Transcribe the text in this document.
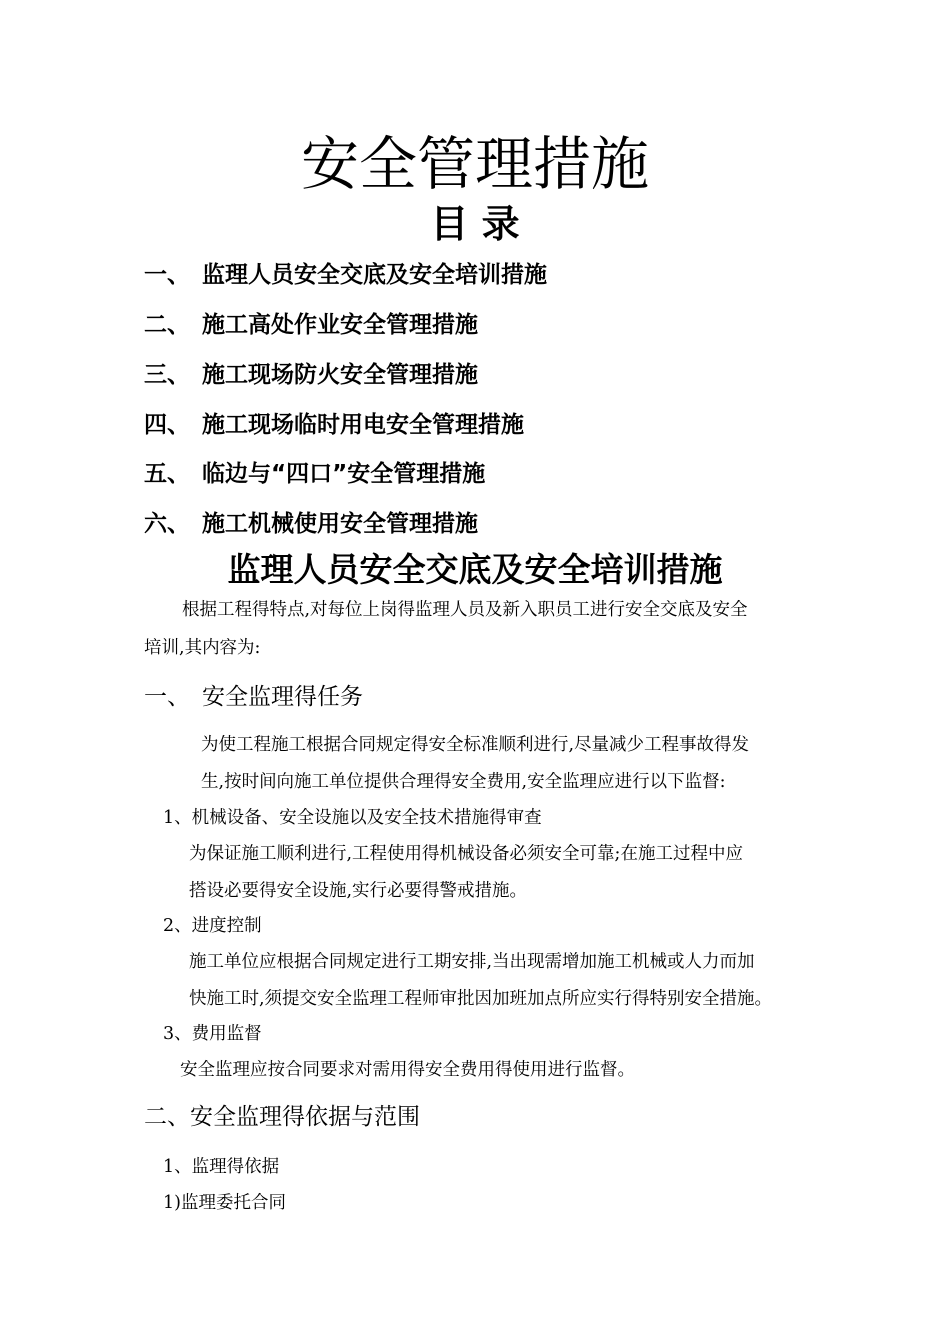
安全管理措施
目 录
一、 监理人员安全交底及安全培训措施
二、 施工高处作业安全管理措施
三、 施工现场防火安全管理措施
四、 施工现场临时用电安全管理措施
五、 临边与“四口”安全管理措施
六、 施工机械使用安全管理措施
监理人员安全交底及安全培训措施

根据工程得特点,对每位上岗得监理人员及新入职员工进行安全交底及安全

培训,其内容为:

一、 安全监理得任务

为使工程施工根据合同规定得安全标准顺利进行,尽量减少工程事故得发

生,按时间向施工单位提供合理得安全费用,安全监理应进行以下监督:

1、机械设备、安全设施以及安全技术措施得审查

为保证施工顺利进行,工程使用得机械设备必须安全可靠;在施工过程中应

搭设必要得安全设施,实行必要得警戒措施。

2、进度控制

施工单位应根据合同规定进行工期安排,当出现需增加施工机械或人力而加

快施工时,须提交安全监理工程师审批因加班加点所应实行得特别安全措施。

3、费用监督

安全监理应按合同要求对需用得安全费用得使用进行监督。

二、安全监理得依据与范围

1、监理得依据

1)监理委托合同
